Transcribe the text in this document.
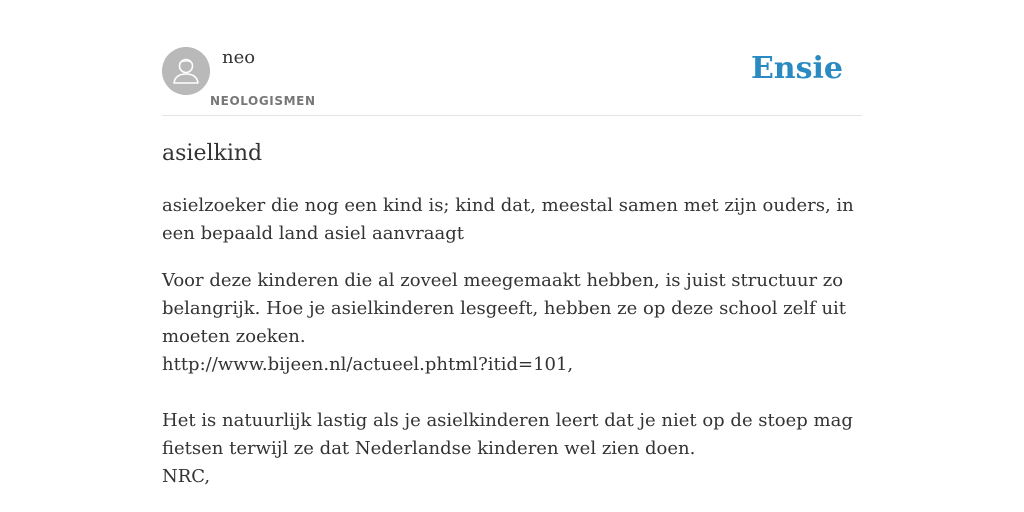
neo
NEOLOGISMEN
Ensie
asielkind
asielzoeker die nog een kind is; kind dat, meestal samen met zijn ouders, in een bepaald land asiel aanvraagt

Voor deze kinderen die al zoveel meegemaakt hebben, is juist structuur zo belangrijk. Hoe je asielkinderen lesgeeft, hebben ze op deze school zelf uit moeten zoeken.

http://www.bijeen.nl/actueel.phtml?itid=101,

Het is natuurlijk lastig als je asielkinderen leert dat je niet op de stoep mag fietsen terwijl ze dat Nederlandse kinderen wel zien doen.

NRC,
